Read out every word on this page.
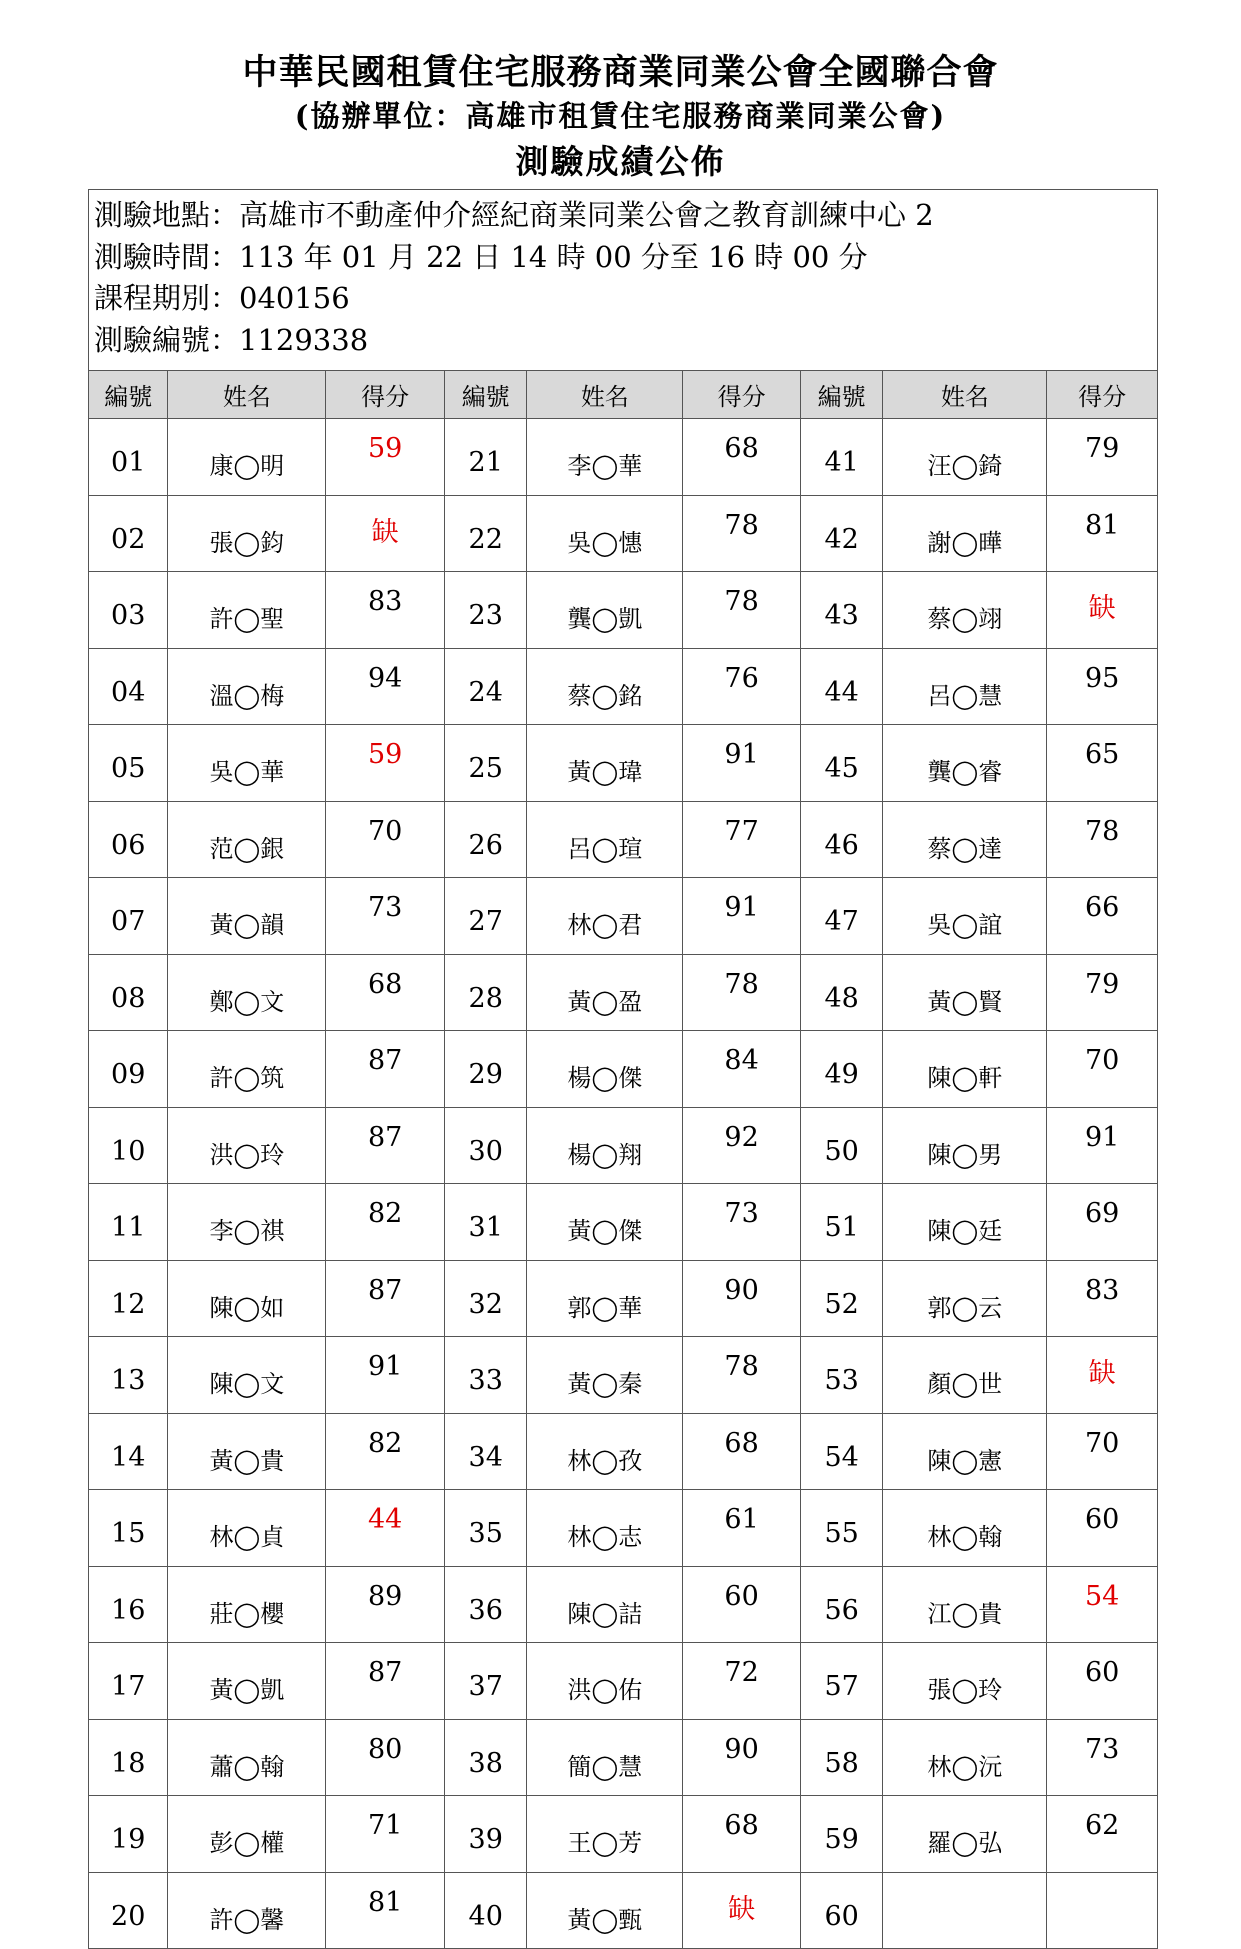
中華民國租賃住宅服務商業同業公會全國聯合會
(協辦單位：高雄市租賃住宅服務商業同業公會)
測驗成績公佈
測驗地點：高雄市不動產仲介經紀商業同業公會之教育訓練中心 2
測驗時間：113 年 01 月 22 日 14 時 00 分至 16 時 00 分
課程期別：040156
測驗編號：1129338
編號	姓名	得分	編號	姓名	得分	編號	姓名	得分
01	康◯明	59	21	李◯華	68	41	汪◯錡	79
02	張◯鈞	缺	22	吳◯憓	78	42	謝◯曄	81
03	許◯聖	83	23	龔◯凱	78	43	蔡◯翊	缺
04	溫◯梅	94	24	蔡◯銘	76	44	呂◯慧	95
05	吳◯華	59	25	黃◯瑋	91	45	龔◯睿	65
06	范◯銀	70	26	呂◯瑄	77	46	蔡◯達	78
07	黃◯韻	73	27	林◯君	91	47	吳◯誼	66
08	鄭◯文	68	28	黃◯盈	78	48	黃◯賢	79
09	許◯筑	87	29	楊◯傑	84	49	陳◯軒	70
10	洪◯玲	87	30	楊◯翔	92	50	陳◯男	91
11	李◯祺	82	31	黃◯傑	73	51	陳◯廷	69
12	陳◯如	87	32	郭◯華	90	52	郭◯云	83
13	陳◯文	91	33	黃◯秦	78	53	顏◯世	缺
14	黃◯貴	82	34	林◯孜	68	54	陳◯憲	70
15	林◯貞	44	35	林◯志	61	55	林◯翰	60
16	莊◯櫻	89	36	陳◯詰	60	56	江◯貴	54
17	黃◯凱	87	37	洪◯佑	72	57	張◯玲	60
18	蕭◯翰	80	38	簡◯慧	90	58	林◯沅	73
19	彭◯權	71	39	王◯芳	68	59	羅◯弘	62
20	許◯馨	81	40	黃◯甄	缺	60		
